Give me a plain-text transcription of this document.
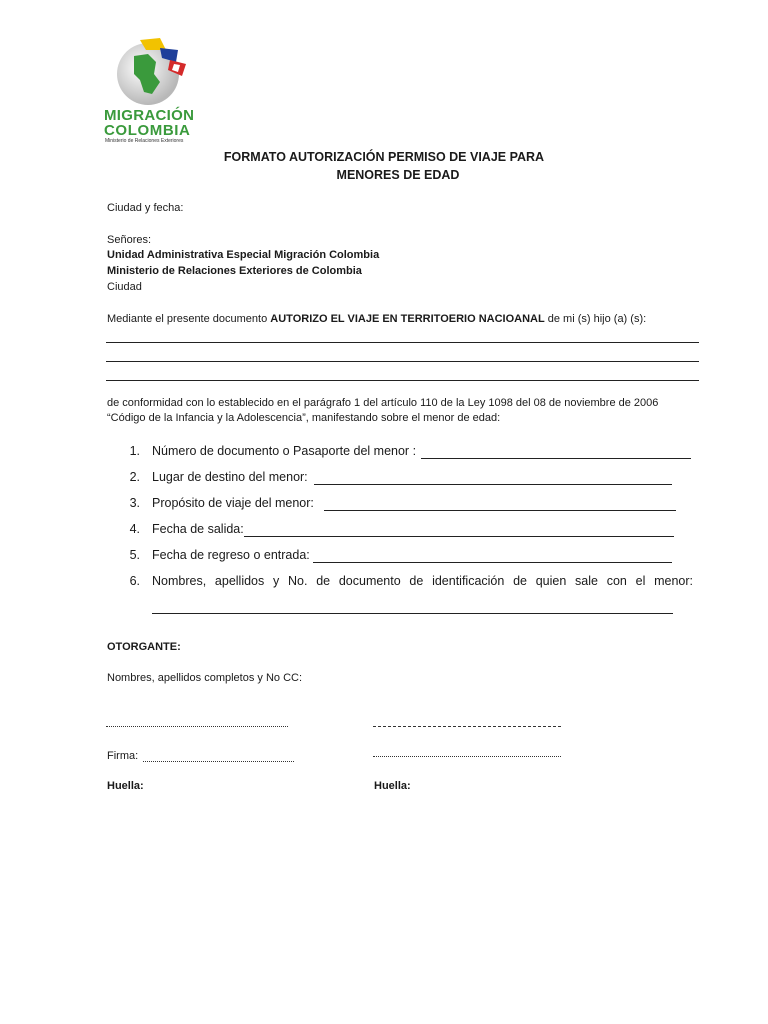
MIGRACIÓN
COLOMBIA
Ministerio de Relaciones Exteriores
FORMATO AUTORIZACIÓN PERMISO DE VIAJE PARA
MENORES DE EDAD
Ciudad y fecha:
Señores:
Unidad Administrativa Especial Migración Colombia
Ministerio de Relaciones Exteriores de Colombia
Ciudad
Mediante el presente documento AUTORIZO EL VIAJE EN TERRITOERIO NACIOANAL de mi (s) hijo (a) (s):
de conformidad con lo establecido en el parágrafo 1 del artículo 110 de la Ley 1098 del 08 de noviembre de 2006
“Código de la Infancia y la Adolescencia”, manifestando sobre el menor de edad:
1. Número de documento o Pasaporte del menor :
2. Lugar de destino del menor:
3. Propósito de viaje del menor:
4. Fecha de salida:
5. Fecha de regreso o entrada:
6. Nombres, apellidos y No. de documento de identificación de quien sale con el menor:
OTORGANTE:
Nombres, apellidos completos y No CC:
Firma:
Huella:	Huella:
